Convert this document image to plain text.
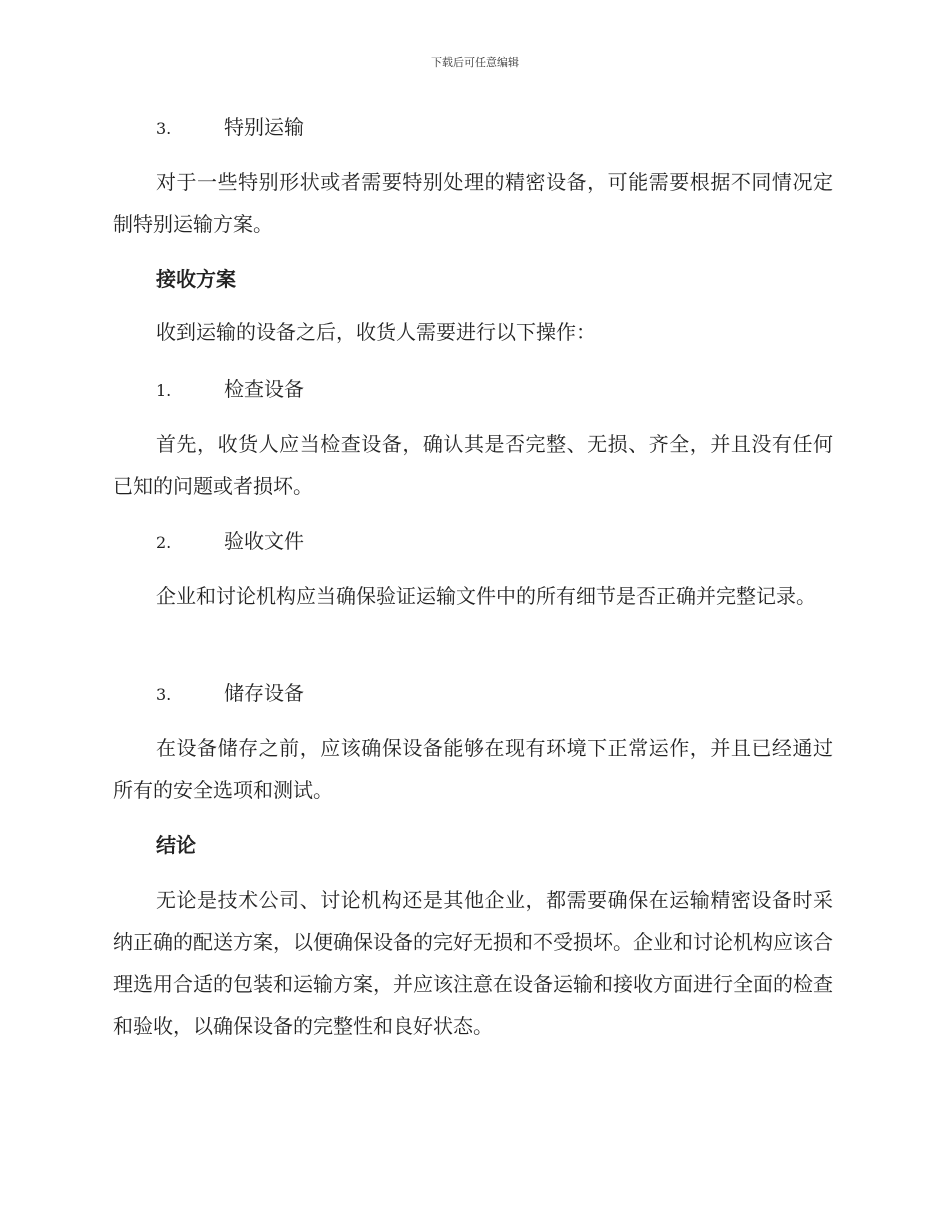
下载后可任意编辑
3.	特别运输
对于一些特别形状或者需要特别处理的精密设备，可能需要根据不同情况定制特别运输方案。
接收方案
收到运输的设备之后，收货人需要进行以下操作：
1.	检查设备
首先，收货人应当检查设备，确认其是否完整、无损、齐全，并且没有任何已知的问题或者损坏。
2.	验收文件
企业和讨论机构应当确保验证运输文件中的所有细节是否正确并完整记录。
3.	储存设备
在设备储存之前，应该确保设备能够在现有环境下正常运作，并且已经通过所有的安全选项和测试。
结论
无论是技术公司、讨论机构还是其他企业，都需要确保在运输精密设备时采纳正确的配送方案，以便确保设备的完好无损和不受损坏。企业和讨论机构应该合理选用合适的包装和运输方案，并应该注意在设备运输和接收方面进行全面的检查和验收，以确保设备的完整性和良好状态。
